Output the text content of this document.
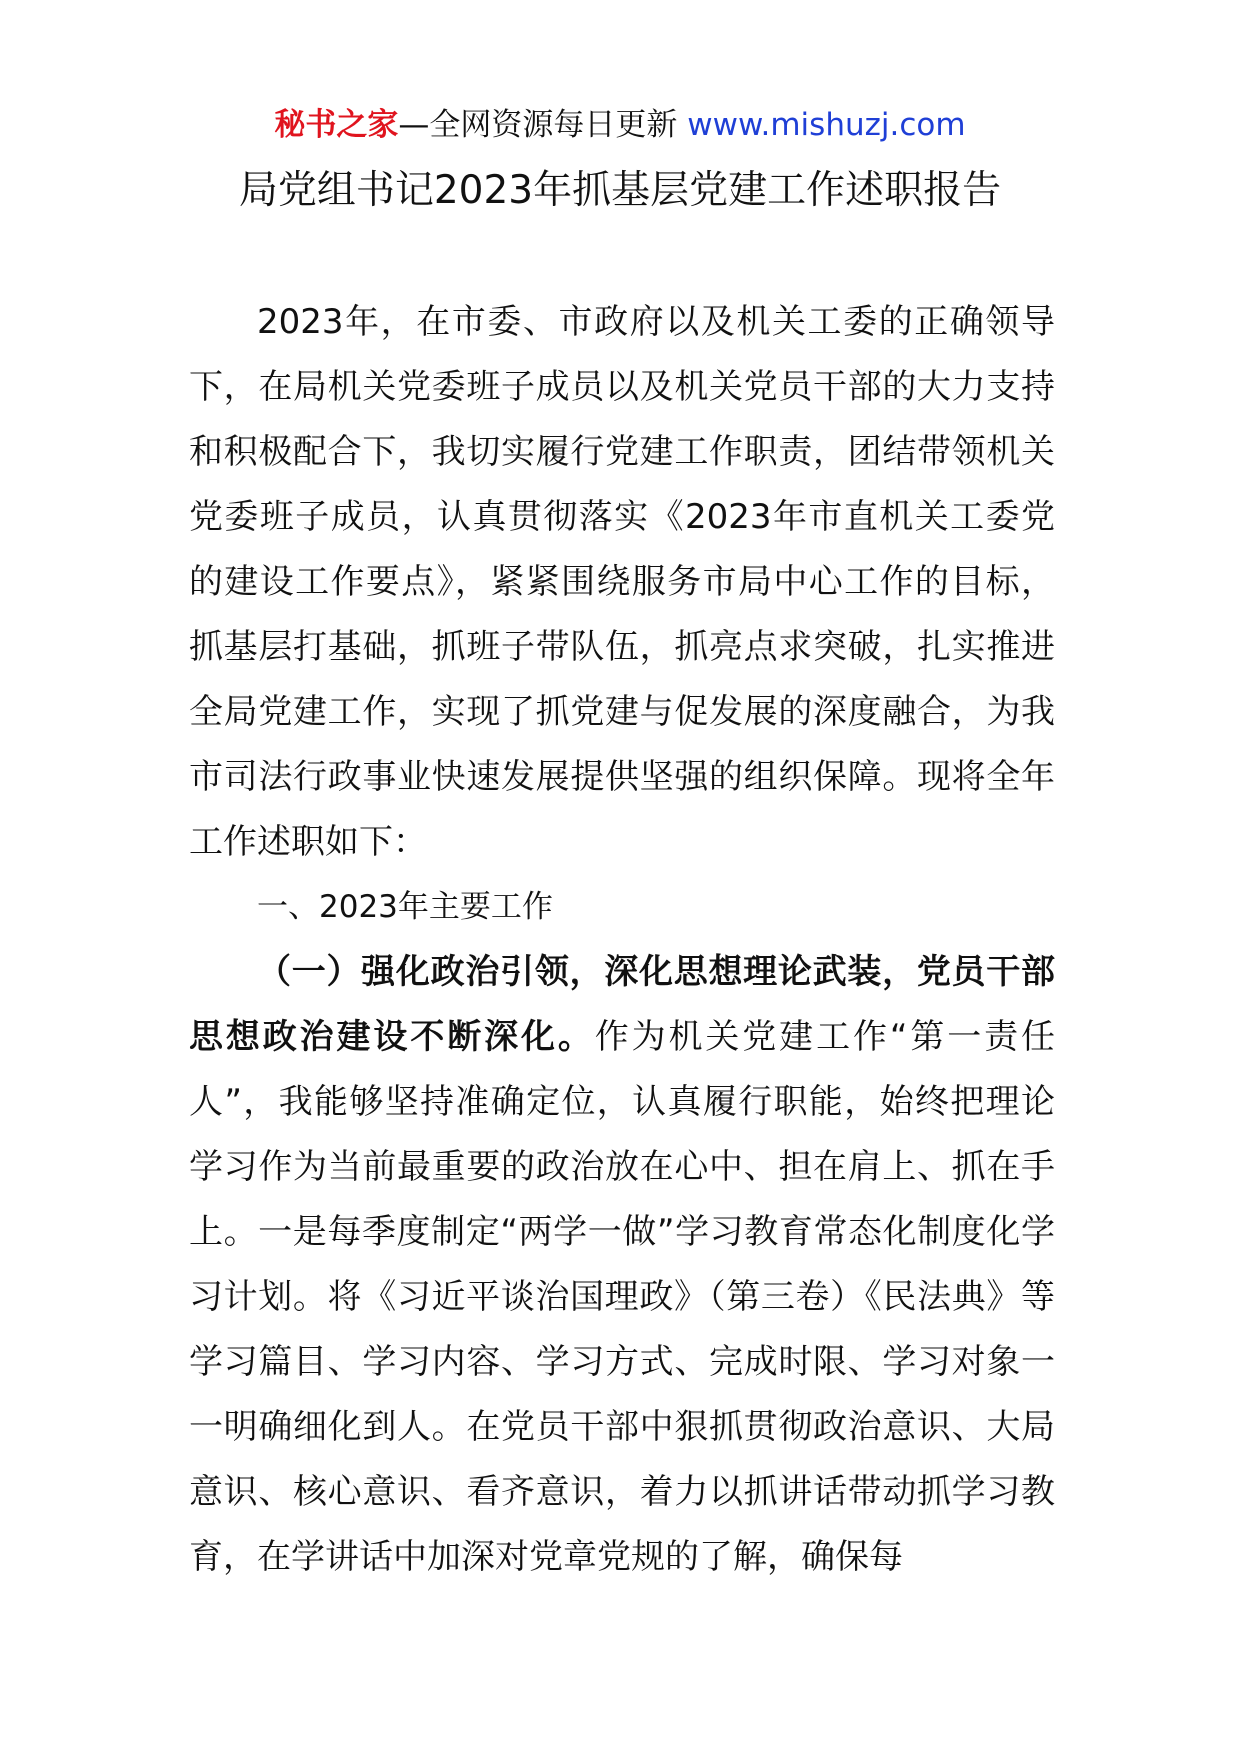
秘书之家—全网资源每日更新 www.mishuzj.com
局党组书记2023年抓基层党建工作述职报告

2023年，在市委、市政府以及机关工委的正确领导下，在局机关党委班子成员以及机关党员干部的大力支持和积极配合下，我切实履行党建工作职责，团结带领机关党委班子成员，认真贯彻落实《2023年市直机关工委党的建设工作要点》，紧紧围绕服务市局中心工作的目标，抓基层打基础，抓班子带队伍，抓亮点求突破，扎实推进全局党建工作，实现了抓党建与促发展的深度融合，为我市司法行政事业快速发展提供坚强的组织保障。现将全年工作述职如下：

一、2023年主要工作

（一）强化政治引领，深化思想理论武装，党员干部思想政治建设不断深化。作为机关党建工作“第一责任人”，我能够坚持准确定位，认真履行职能，始终把理论学习作为当前最重要的政治放在心中、担在肩上、抓在手上。一是每季度制定“两学一做”学习教育常态化制度化学习计划。将《习近平谈治国理政》（第三卷）《民法典》等学习篇目、学习内容、学习方式、完成时限、学习对象一一明确细化到人。在党员干部中狠抓贯彻政治意识、大局意识、核心意识、看齐意识，着力以抓讲话带动抓学习教育，在学讲话中加深对党章党规的了解，确保每
